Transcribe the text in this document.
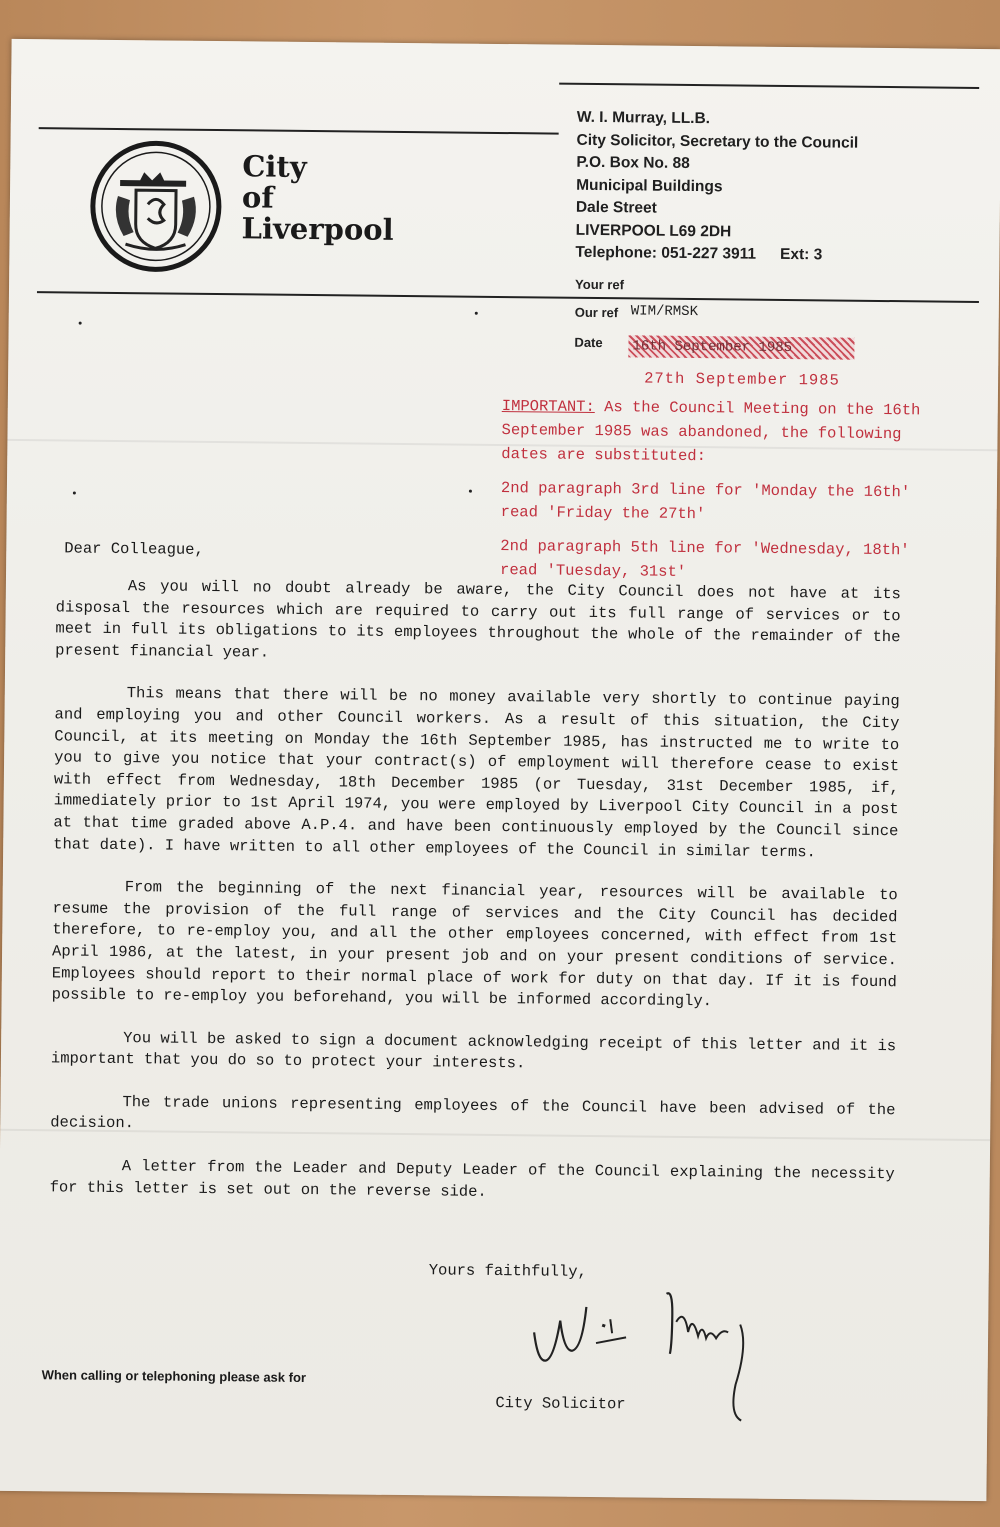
City
of
Liverpool
W. I. Murray, LL.B.
City Solicitor, Secretary to the Council
P.O. Box No. 88
Municipal Buildings
Dale Street
LIVERPOOL L69 2DH
Telephone: 051-227 3911 Ext: 3
Your ref
Our ref WIM/RMSK
Date 16th September 1985
27th September 1985

IMPORTANT: As the Council Meeting on the 16th September 1985 was abandoned, the following dates are substituted:

2nd paragraph 3rd line for 'Monday the 16th' read 'Friday the 27th'

2nd paragraph 5th line for 'Wednesday, 18th' read 'Tuesday, 31st'

Dear Colleague,

As you will no doubt already be aware, the City Council does not have at its disposal the resources which are required to carry out its full range of services or to meet in full its obligations to its employees throughout the whole of the remainder of the present financial year.

This means that there will be no money available very shortly to continue paying and employing you and other Council workers. As a result of this situation, the City Council, at its meeting on Monday the 16th September 1985, has instructed me to write to you to give you notice that your contract(s) of employment will therefore cease to exist with effect from Wednesday, 18th December 1985 (or Tuesday, 31st December 1985, if, immediately prior to 1st April 1974, you were employed by Liverpool City Council in a post at that time graded above A.P.4. and have been continuously employed by the Council since that date). I have written to all other employees of the Council in similar terms.

From the beginning of the next financial year, resources will be available to resume the provision of the full range of services and the City Council has decided therefore, to re-employ you, and all the other employees concerned, with effect from 1st April 1986, at the latest, in your present job and on your present conditions of service. Employees should report to their normal place of work for duty on that day. If it is found possible to re-employ you beforehand, you will be informed accordingly.

You will be asked to sign a document acknowledging receipt of this letter and it is important that you do so to protect your interests.

The trade unions representing employees of the Council have been advised of the decision.

A letter from the Leader and Deputy Leader of the Council explaining the necessity for this letter is set out on the reverse side.

Yours faithfully,
City Solicitor
When calling or telephoning please ask for
